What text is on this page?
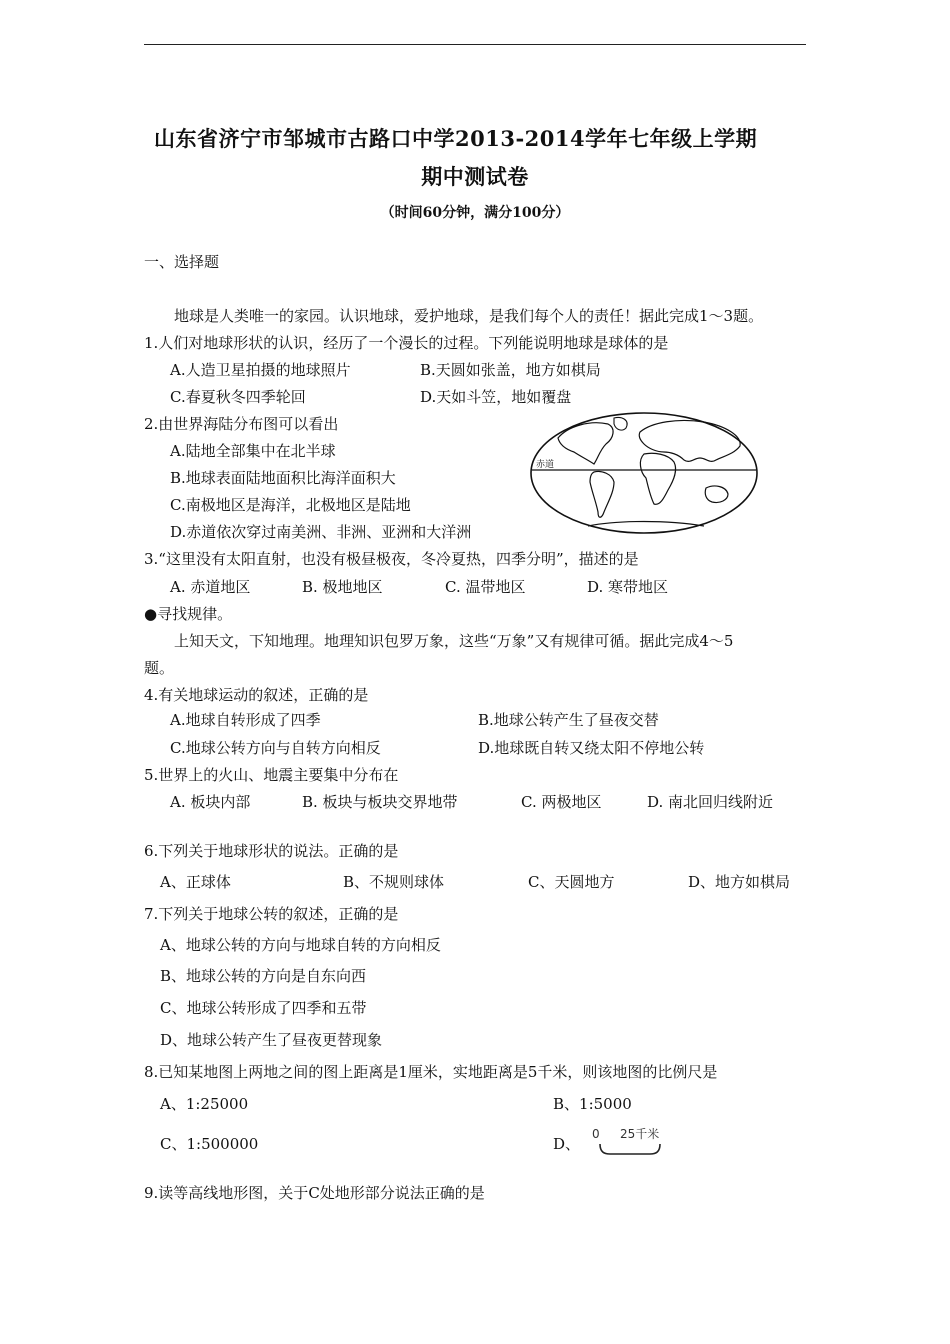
山东省济宁市邹城市古路口中学2013-2014学年七年级上学期
期中测试卷
（时间60分钟，满分100分）
一、选择题
地球是人类唯一的家园。认识地球，爱护地球，是我们每个人的责任！据此完成1～3题。
1.人们对地球形状的认识，经历了一个漫长的过程。下列能说明地球是球体的是
A.人造卫星拍摄的地球照片	B.天圆如张盖，地方如棋局
C.春夏秋冬四季轮回	D.天如斗笠，地如覆盘
2.由世界海陆分布图可以看出
A.陆地全部集中在北半球
B.地球表面陆地面积比海洋面积大
C.南极地区是海洋，北极地区是陆地
D.赤道依次穿过南美洲、非洲、亚洲和大洋洲
赤道
3.“这里没有太阳直射，也没有极昼极夜，冬冷夏热，四季分明”，描述的是
A. 赤道地区	B. 极地地区	C. 温带地区	D. 寒带地区
●寻找规律。
上知天文，下知地理。地理知识包罗万象，这些“万象”又有规律可循。据此完成4～5
题。
4.有关地球运动的叙述，正确的是
A.地球自转形成了四季	B.地球公转产生了昼夜交替
C.地球公转方向与自转方向相反	D.地球既自转又绕太阳不停地公转
5.世界上的火山、地震主要集中分布在
A. 板块内部	B. 板块与板块交界地带	C. 两极地区	D. 南北回归线附近
6.下列关于地球形状的说法。正确的是
A、正球体	B、不规则球体	C、天圆地方	D、地方如棋局
7.下列关于地球公转的叙述，正确的是
A、地球公转的方向与地球自转的方向相反
B、地球公转的方向是自东向西
C、地球公转形成了四季和五带
D、地球公转产生了昼夜更替现象
8.已知某地图上两地之间的图上距离是1厘米，实地距离是5千米，则该地图的比例尺是
A、1:25000	B、1:5000
C、1:500000	D、
0 25千米
9.读等高线地形图，关于C处地形部分说法正确的是
